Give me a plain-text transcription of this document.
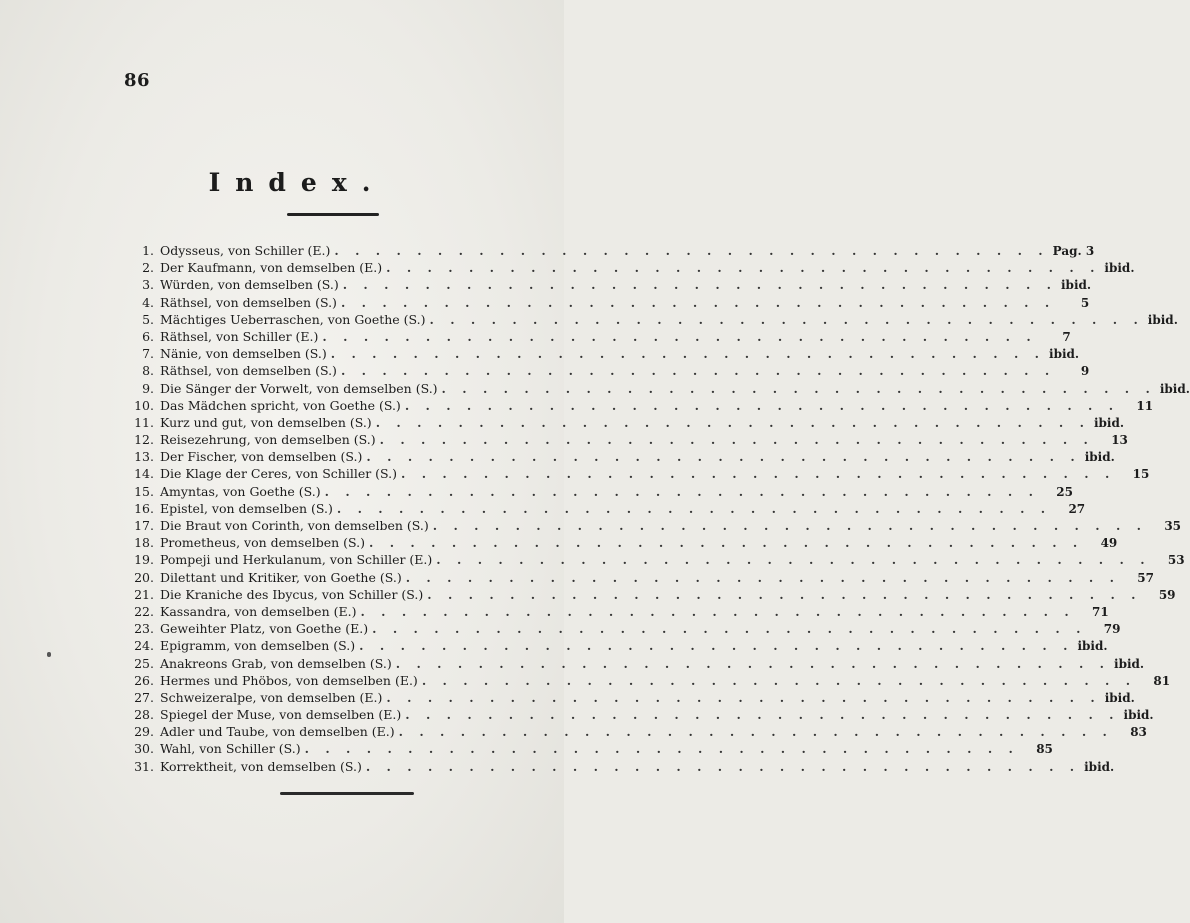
86
Index.
1. Odysseus, von Schiller (E.) . . . . . . . . . . . . . . . . . . . . . . . . . . . . . . . . . . . Pag. 3
2. Der Kaufmann, von demselben (E.) . . . . . . . . . . . . . . . . . . . . . . . . . . . . . . . . . . . ibid.
3. Würden, von demselben (S.) . . . . . . . . . . . . . . . . . . . . . . . . . . . . . . . . . . . ibid.
4. Räthsel, von demselben (S.) . . . . . . . . . . . . . . . . . . . . . . . . . . . . . . . . . . .	5
5. Mächtiges Ueberraschen, von Goethe (S.) . . . . . . . . . . . . . . . . . . . . . . . . . . . . . . . . . . . ibid.
6. Räthsel, von Schiller (E.) . . . . . . . . . . . . . . . . . . . . . . . . . . . . . . . . . . .	7
7. Nänie, von demselben (S.) . . . . . . . . . . . . . . . . . . . . . . . . . . . . . . . . . . . ibid.
8. Räthsel, von demselben (S.) . . . . . . . . . . . . . . . . . . . . . . . . . . . . . . . . . . .	9
9. Die Sänger der Vorwelt, von demselben (S.) . . . . . . . . . . . . . . . . . . . . . . . . . . . . . . . . . . . ibid.
10. Das Mädchen spricht, von Goethe (S.) . . . . . . . . . . . . . . . . . . . . . . . . . . . . . . . . . . .	11
11. Kurz und gut, von demselben (S.) . . . . . . . . . . . . . . . . . . . . . . . . . . . . . . . . . . . ibid.
12. Reisezehrung, von demselben (S.) . . . . . . . . . . . . . . . . . . . . . . . . . . . . . . . . . . .	13
13. Der Fischer, von demselben (S.) . . . . . . . . . . . . . . . . . . . . . . . . . . . . . . . . . . . ibid.
14. Die Klage der Ceres, von Schiller (S.) . . . . . . . . . . . . . . . . . . . . . . . . . . . . . . . . . . .	15
15. Amyntas, von Goethe (S.) . . . . . . . . . . . . . . . . . . . . . . . . . . . . . . . . . . .	25
16. Epistel, von demselben (S.) . . . . . . . . . . . . . . . . . . . . . . . . . . . . . . . . . . .	27
17. Die Braut von Corinth, von demselben (S.) . . . . . . . . . . . . . . . . . . . . . . . . . . . . . . . . . . .	35
18. Prometheus, von demselben (S.) . . . . . . . . . . . . . . . . . . . . . . . . . . . . . . . . . . .	49
19. Pompeji und Herkulanum, von Schiller (E.) . . . . . . . . . . . . . . . . . . . . . . . . . . . . . . . . . . .	53
20. Dilettant und Kritiker, von Goethe (S.) . . . . . . . . . . . . . . . . . . . . . . . . . . . . . . . . . . .	57
21. Die Kraniche des Ibycus, von Schiller (S.) . . . . . . . . . . . . . . . . . . . . . . . . . . . . . . . . . . .	59
22. Kassandra, von demselben (E.) . . . . . . . . . . . . . . . . . . . . . . . . . . . . . . . . . . .	71
23. Geweihter Platz, von Goethe (E.) . . . . . . . . . . . . . . . . . . . . . . . . . . . . . . . . . . .	79
24. Epigramm, von demselben (S.) . . . . . . . . . . . . . . . . . . . . . . . . . . . . . . . . . . . ibid.
25. Anakreons Grab, von demselben (S.) . . . . . . . . . . . . . . . . . . . . . . . . . . . . . . . . . . . ibid.
26. Hermes und Phöbos, von demselben (E.) . . . . . . . . . . . . . . . . . . . . . . . . . . . . . . . . . . .	81
27. Schweizeralpe, von demselben (E.) . . . . . . . . . . . . . . . . . . . . . . . . . . . . . . . . . . . ibid.
28. Spiegel der Muse, von demselben (E.) . . . . . . . . . . . . . . . . . . . . . . . . . . . . . . . . . . . ibid.
29. Adler und Taube, von demselben (E.) . . . . . . . . . . . . . . . . . . . . . . . . . . . . . . . . . . .	83
30. Wahl, von Schiller (S.) . . . . . . . . . . . . . . . . . . . . . . . . . . . . . . . . . . .	85
31. Korrektheit, von demselben (S.) . . . . . . . . . . . . . . . . . . . . . . . . . . . . . . . . . . . ibid.
